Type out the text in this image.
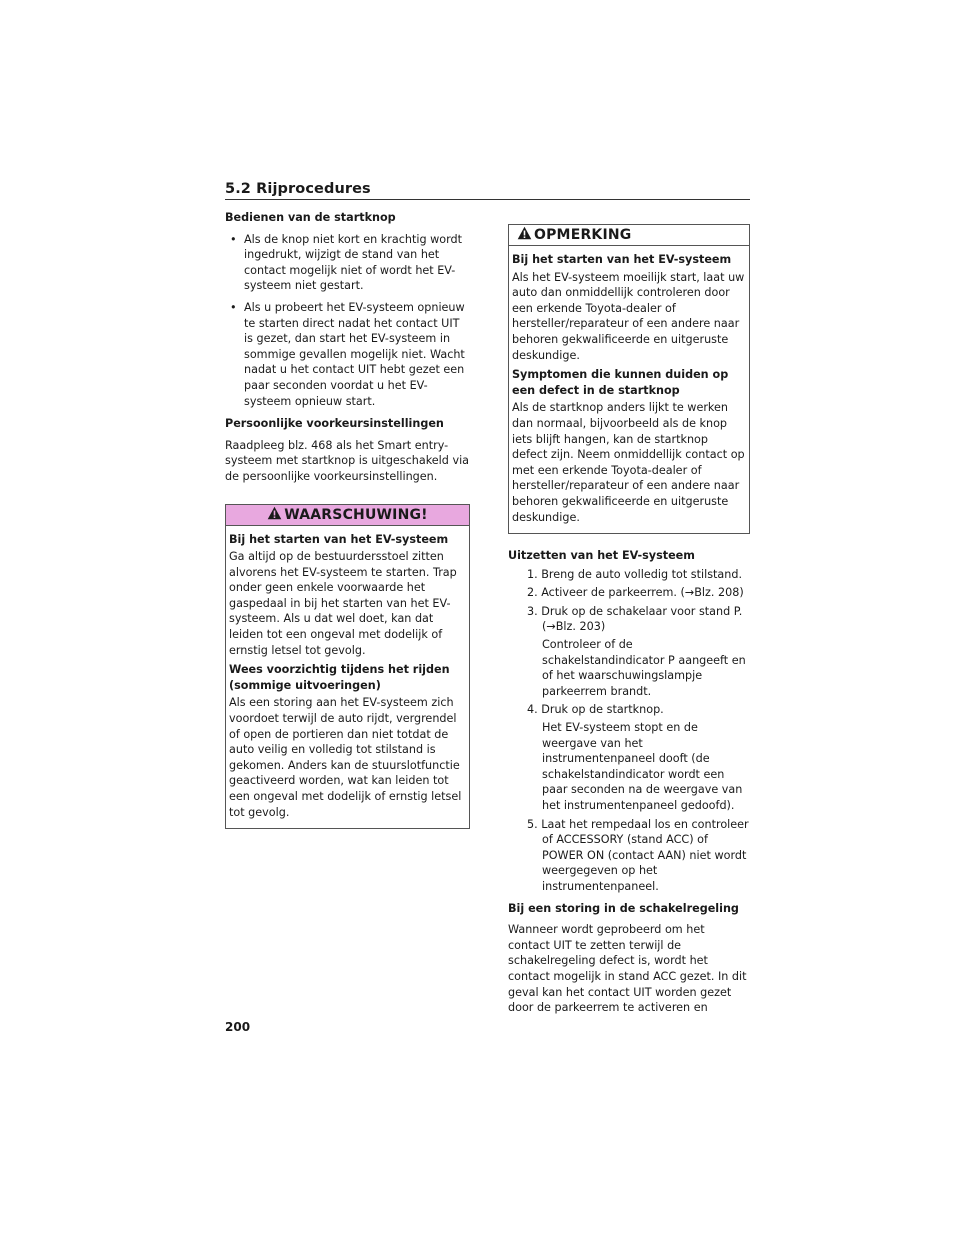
5.2 Rijprocedures
Bedienen van de startknop
• Als de knop niet kort en krachtig wordt ingedrukt, wijzigt de stand van het contact mogelijk niet of wordt het EV-systeem niet gestart.
• Als u probeert het EV-systeem opnieuw te starten direct nadat het contact UIT is gezet, dan start het EV-systeem in sommige gevallen mogelijk niet. Wacht nadat u het contact UIT hebt gezet een paar seconden voordat u het EV-systeem opnieuw start.
Persoonlijke voorkeursinstellingen
Raadpleeg blz. 468 als het Smart entry-systeem met startknop is uitgeschakeld via de persoonlijke voorkeursinstellingen.
WAARSCHUWING!
Bij het starten van het EV-systeem
Ga altijd op de bestuurdersstoel zitten alvorens het EV-systeem te starten. Trap onder geen enkele voorwaarde het gaspedaal in bij het starten van het EV-systeem. Als u dat wel doet, kan dat leiden tot een ongeval met dodelijk of ernstig letsel tot gevolg.
Wees voorzichtig tijdens het rijden (sommige uitvoeringen)
Als een storing aan het EV-systeem zich voordoet terwijl de auto rijdt, vergrendel of open de portieren dan niet totdat de auto veilig en volledig tot stilstand is gekomen. Anders kan de stuurslotfunctie geactiveerd worden, wat kan leiden tot een ongeval met dodelijk of ernstig letsel tot gevolg.
OPMERKING
Bij het starten van het EV-systeem
Als het EV-systeem moeilijk start, laat uw auto dan onmiddellijk controleren door een erkende Toyota-dealer of hersteller/reparateur of een andere naar behoren gekwalificeerde en uitgeruste deskundige.
Symptomen die kunnen duiden op een defect in de startknop
Als de startknop anders lijkt te werken dan normaal, bijvoorbeeld als de knop iets blijft hangen, kan de startknop defect zijn. Neem onmiddellijk contact op met een erkende Toyota-dealer of hersteller/reparateur of een andere naar behoren gekwalificeerde en uitgeruste deskundige.
Uitzetten van het EV-systeem
1. Breng de auto volledig tot stilstand.
2. Activeer de parkeerrem. (→Blz. 208)
3. Druk op de schakelaar voor stand P. (→Blz. 203)
Controleer of de schakelstandindicator P aangeeft en of het waarschuwingslampje parkeerrem brandt.
4. Druk op de startknop.
Het EV-systeem stopt en de weergave van het instrumentenpaneel dooft (de schakelstandindicator wordt een paar seconden na de weergave van het instrumentenpaneel gedoofd).
5. Laat het rempedaal los en controleer of ACCESSORY (stand ACC) of POWER ON (contact AAN) niet wordt weergegeven op het instrumentenpaneel.
Bij een storing in de schakelregeling
Wanneer wordt geprobeerd om het contact UIT te zetten terwijl de schakelregeling defect is, wordt het contact mogelijk in stand ACC gezet. In dit geval kan het contact UIT worden gezet door de parkeerrem te activeren en
200
